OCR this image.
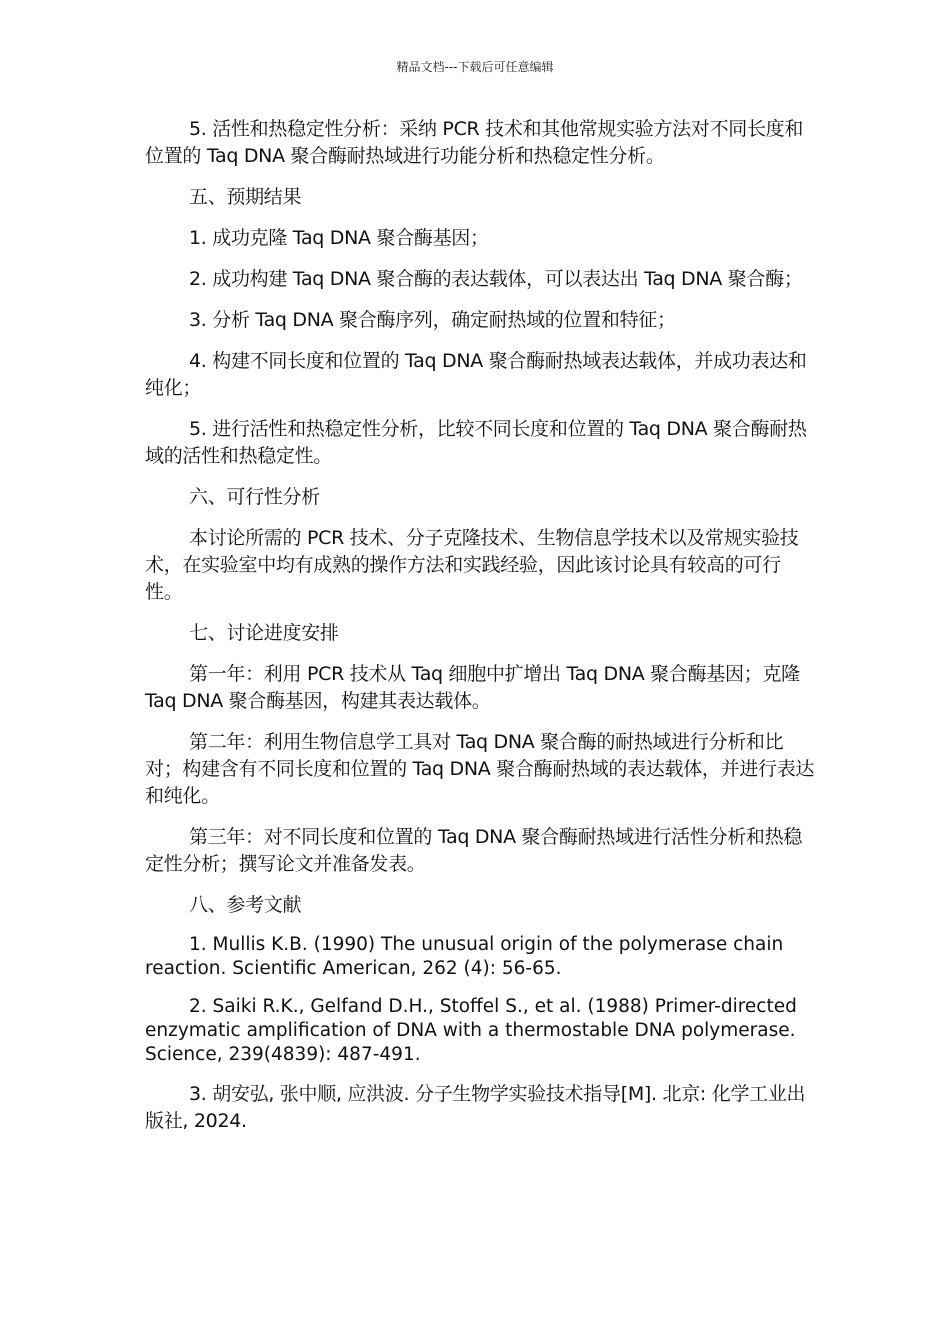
精品文档---下载后可任意编辑

5. 活性和热稳定性分析：采纳 PCR 技术和其他常规实验方法对不同长度和位置的 Taq DNA 聚合酶耐热域进行功能分析和热稳定性分析。

五、预期结果

1. 成功克隆 Taq DNA 聚合酶基因；

2. 成功构建 Taq DNA 聚合酶的表达载体，可以表达出 Taq DNA 聚合酶；

3. 分析 Taq DNA 聚合酶序列，确定耐热域的位置和特征；

4. 构建不同长度和位置的 Taq DNA 聚合酶耐热域表达载体，并成功表达和纯化；

5. 进行活性和热稳定性分析，比较不同长度和位置的 Taq DNA 聚合酶耐热域的活性和热稳定性。

六、可行性分析

本讨论所需的 PCR 技术、分子克隆技术、生物信息学技术以及常规实验技术，在实验室中均有成熟的操作方法和实践经验，因此该讨论具有较高的可行性。

七、讨论进度安排

第一年：利用 PCR 技术从 Taq 细胞中扩增出 Taq DNA 聚合酶基因；克隆 Taq DNA 聚合酶基因，构建其表达载体。

第二年：利用生物信息学工具对 Taq DNA 聚合酶的耐热域进行分析和比对；构建含有不同长度和位置的 Taq DNA 聚合酶耐热域的表达载体，并进行表达和纯化。

第三年：对不同长度和位置的 Taq DNA 聚合酶耐热域进行活性分析和热稳定性分析；撰写论文并准备发表。

八、参考文献

1. Mullis K.B. (1990) The unusual origin of the polymerase chain reaction. Scientific American, 262 (4): 56-65.

2. Saiki R.K., Gelfand D.H., Stoffel S., et al. (1988) Primer-directed enzymatic amplification of DNA with a thermostable DNA polymerase. Science, 239(4839): 487-491.

3. 胡安弘, 张中顺, 应洪波. 分子生物学实验技术指导[M]. 北京: 化学工业出版社, 2024.
